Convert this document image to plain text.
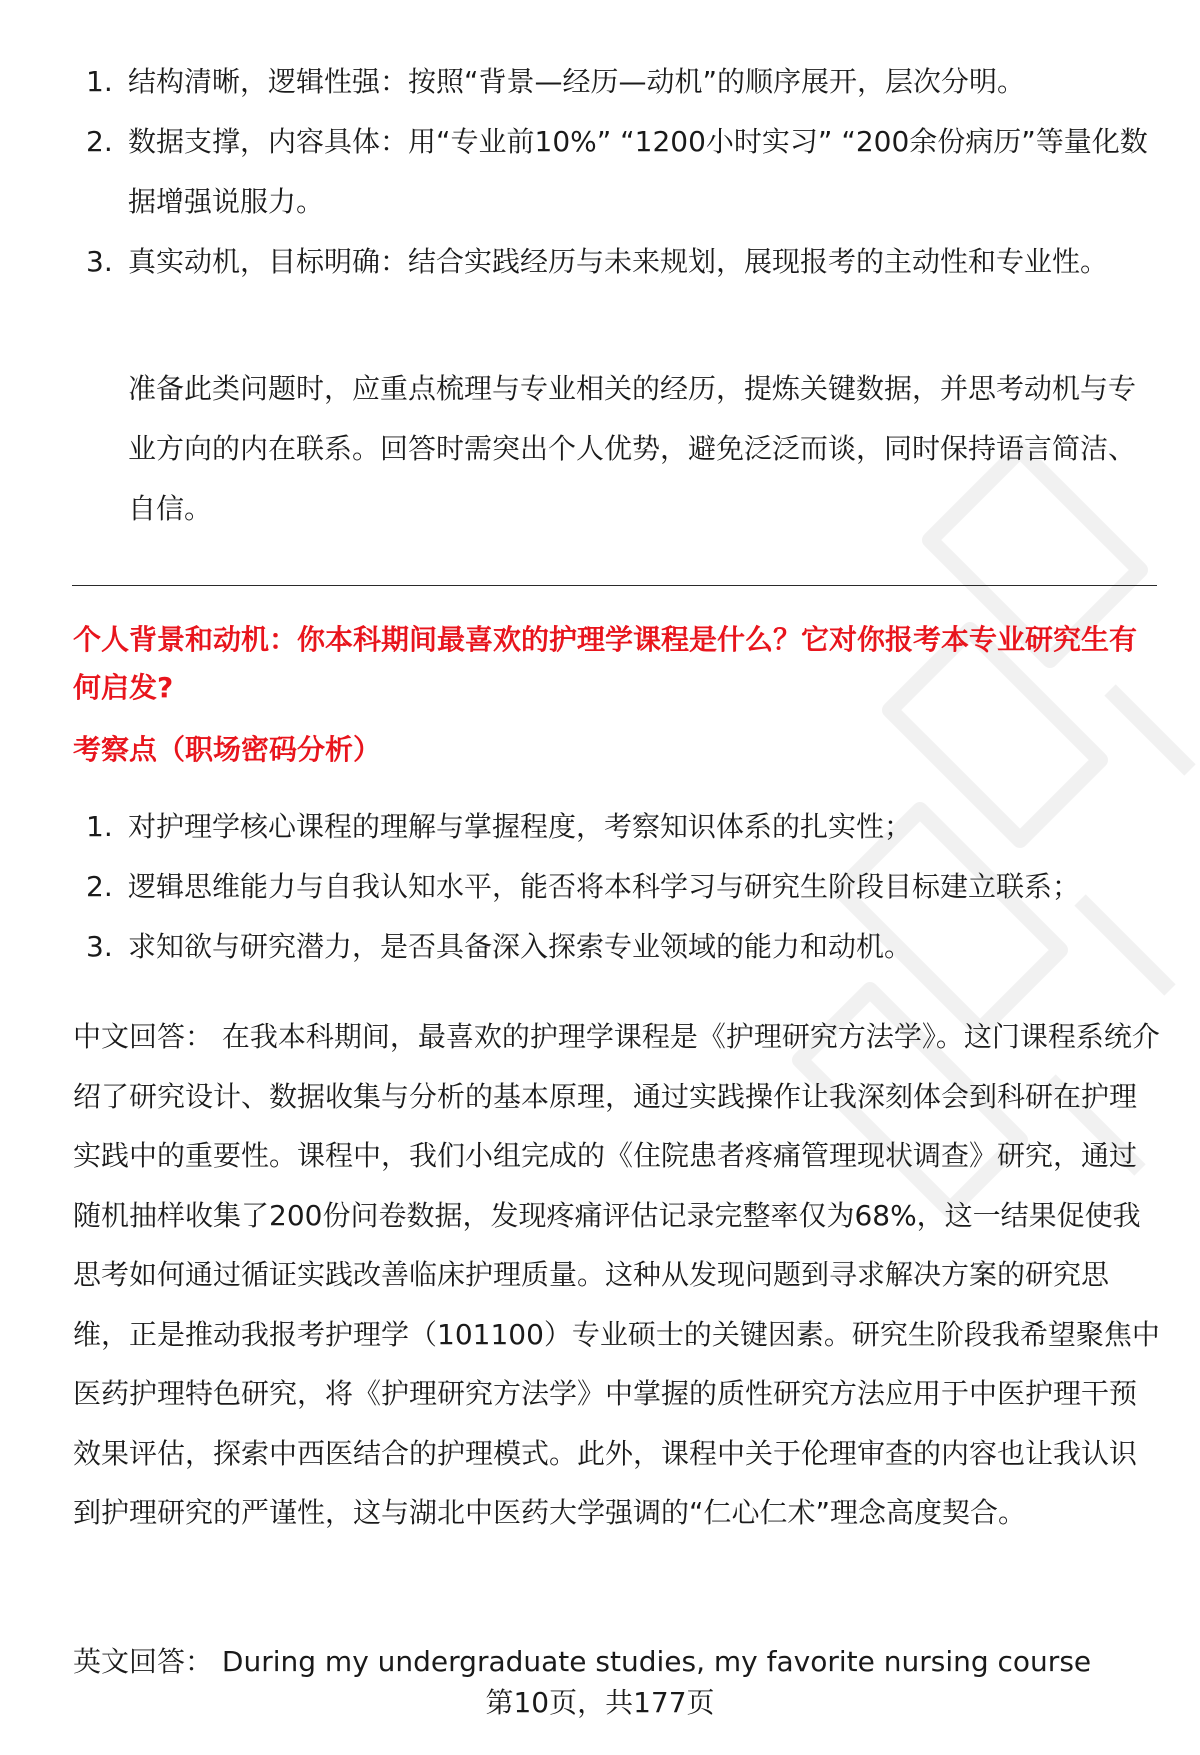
1. 结构清晰，逻辑性强：按照“背景—经历—动机”的顺序展开，层次分明。
2. 数据支撑，内容具体：用“专业前10%” “1200小时实习” “200余份病历”等量化数据增强说服力。
3. 真实动机，目标明确：结合实践经历与未来规划，展现报考的主动性和专业性。
准备此类问题时，应重点梳理与专业相关的经历，提炼关键数据，并思考动机与专业方向的内在联系。回答时需突出个人优势，避免泛泛而谈，同时保持语言简洁、自信。
个人背景和动机：你本科期间最喜欢的护理学课程是什么？它对你报考本专业研究生有何启发?
考察点（职场密码分析）
1. 对护理学核心课程的理解与掌握程度，考察知识体系的扎实性；
2. 逻辑思维能力与自我认知水平，能否将本科学习与研究生阶段目标建立联系；
3. 求知欲与研究潜力，是否具备深入探索专业领域的能力和动机。
中文回答： 在我本科期间，最喜欢的护理学课程是《护理研究方法学》。这门课程系统介绍了研究设计、数据收集与分析的基本原理，通过实践操作让我深刻体会到科研在护理实践中的重要性。课程中，我们小组完成的《住院患者疼痛管理现状调查》研究，通过随机抽样收集了200份问卷数据，发现疼痛评估记录完整率仅为68%，这一结果促使我思考如何通过循证实践改善临床护理质量。这种从发现问题到寻求解决方案的研究思维，正是推动我报考护理学（101100）专业硕士的关键因素。研究生阶段我希望聚焦中医药护理特色研究，将《护理研究方法学》中掌握的质性研究方法应用于中医护理干预效果评估，探索中西医结合的护理模式。此外，课程中关于伦理审查的内容也让我认识到护理研究的严谨性，这与湖北中医药大学强调的“仁心仁术”理念高度契合。
英文回答： During my undergraduate studies, my favorite nursing course
第10页，共177页
